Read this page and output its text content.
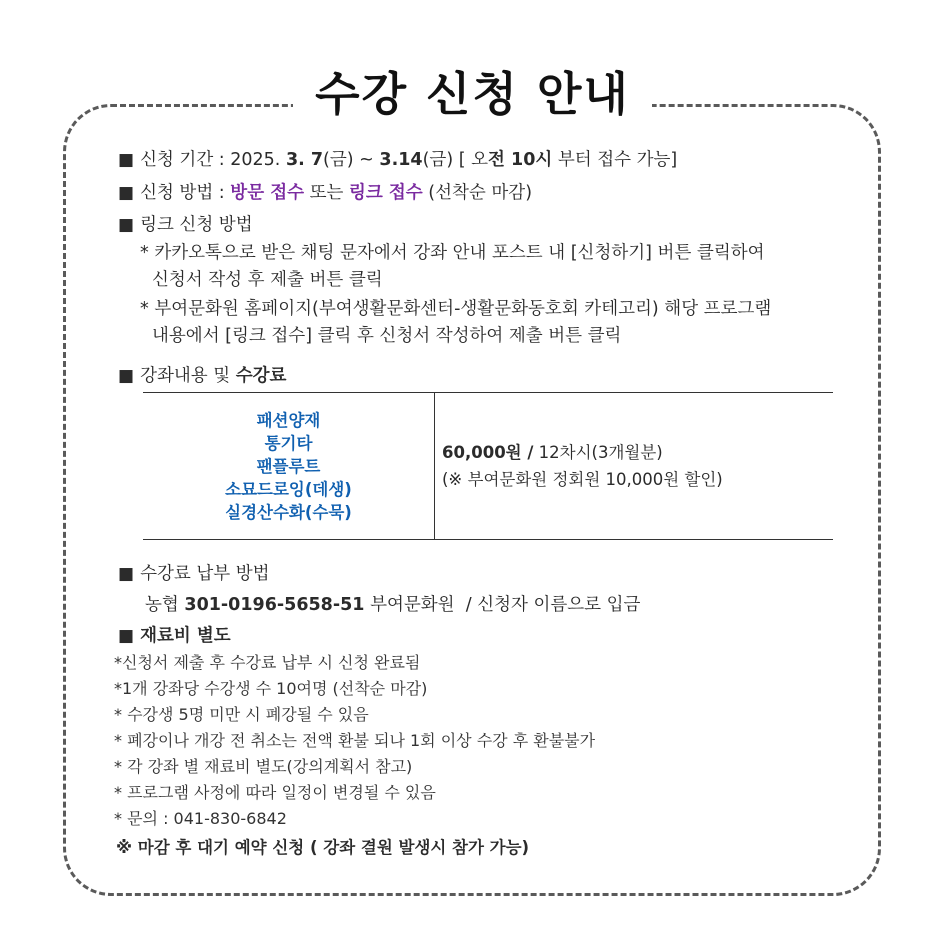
수강 신청 안내
■ 신청 기간 : 2025. 3. 7(금) ~ 3.14(금) [ 오전 10시 부터 접수 가능]
■ 신청 방법 : 방문 접수 또는 링크 접수 (선착순 마감)
■ 링크 신청 방법
* 카카오톡으로 받은 채팅 문자에서 강좌 안내 포스트 내 [신청하기] 버튼 클릭하여
신청서 작성 후 제출 버튼 클릭
* 부여문화원 홈페이지(부여생활문화센터-생활문화동호회 카테고리) 해당 프로그램
내용에서 [링크 접수] 클릭 후 신청서 작성하여 제출 버튼 클릭
■ 강좌내용 및 수강료
패션양재
통기타
팬플루트
소묘드로잉(데생)
실경산수화(수묵)
60,000원 / 12차시(3개월분)
(※ 부여문화원 정회원 10,000원 할인)
■ 수강료 납부 방법
농협 301-0196-5658-51 부여문화원 / 신청자 이름으로 입금
■ 재료비 별도
*신청서 제출 후 수강료 납부 시 신청 완료됨
*1개 강좌당 수강생 수 10여명 (선착순 마감)
* 수강생 5명 미만 시 폐강될 수 있음
* 폐강이나 개강 전 취소는 전액 환불 되나 1회 이상 수강 후 환불불가
* 각 강좌 별 재료비 별도(강의계획서 참고)
* 프로그램 사정에 따라 일정이 변경될 수 있음
* 문의 : 041-830-6842
※ 마감 후 대기 예약 신청 ( 강좌 결원 발생시 참가 가능)
